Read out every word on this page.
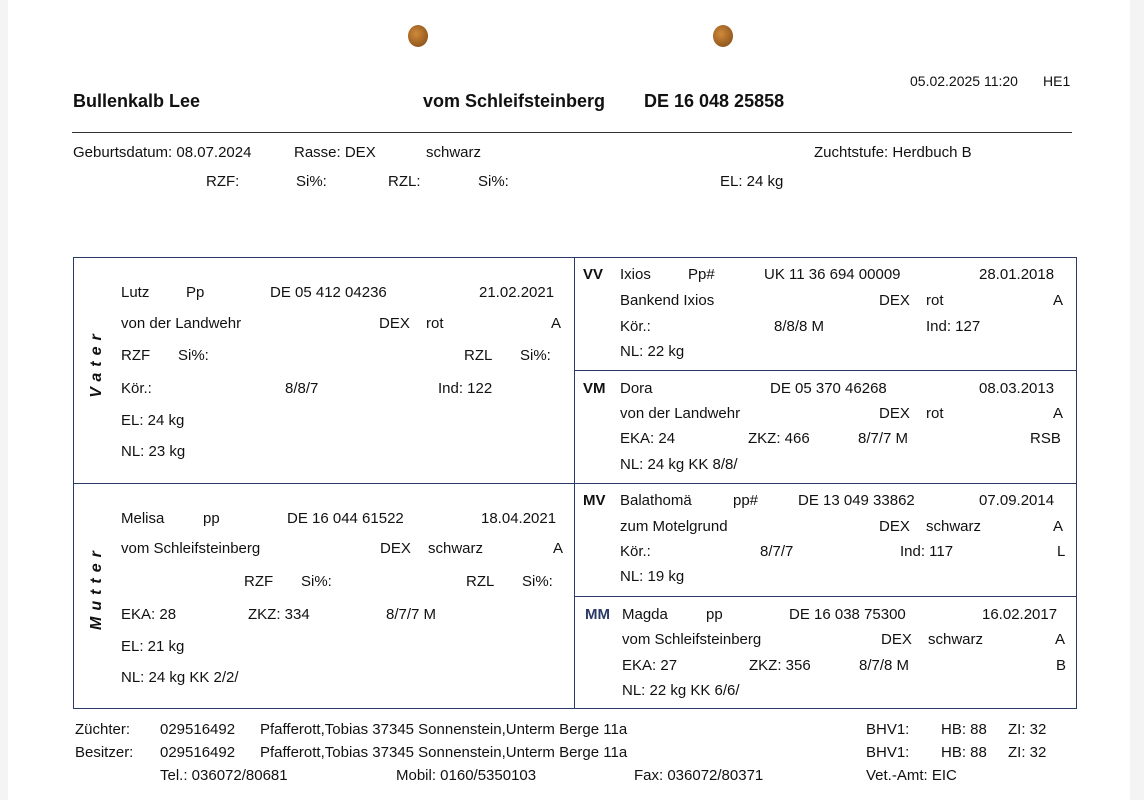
05.02.2025 11:20 HE1
Bullenkalb Lee	vom Schleifsteinberg DE 16 048 25858
Geburtsdatum: 08.07.2024	Rasse: DEX	schwarz	Zuchtstufe: Herdbuch B
RZF:	Si%:	RZL:	Si%:	EL: 24 kg
Vater
Lutz Pp	DE 05 412 04236	21.02.2021
von der Landwehr	DEX rot	A
RZF Si%:	RZL Si%:
Kör.:	8/8/7	Ind: 122
EL: 24 kg
NL: 23 kg
VV Ixios Pp#	UK 11 36 694 00009	28.01.2018
Bankend Ixios	DEX rot	A
Kör.:	8/8/8 M	Ind: 127
NL: 22 kg
VM Dora	DE 05 370 46268	08.03.2013
von der Landwehr	DEX rot	A
EKA: 24	ZKZ: 466	8/7/7 M	RSB
NL: 24 kg KK 8/8/
Mutter
Melisa	pp	DE 16 044 61522	18.04.2021
vom Schleifsteinberg	DEX schwarz	A
RZF Si%:	RZL Si%:
EKA: 28	ZKZ: 334	8/7/7 M
EL: 21 kg
NL: 24 kg KK 2/2/
MV Balathomä	pp#	DE 13 049 33862	07.09.2014
zum Motelgrund	DEX schwarz	A
Kör.:	8/7/7	Ind: 117	L
NL: 19 kg
MM Magda	pp	DE 16 038 75300	16.02.2017
vom Schleifsteinberg	DEX schwarz	A
EKA: 27	ZKZ: 356	8/7/8 M	B
NL: 22 kg KK 6/6/
Züchter: 029516492 Pfafferott,Tobias 37345 Sonnenstein,Unterm Berge 11a	BHV1: HB: 88 ZI: 32
Besitzer: 029516492 Pfafferott,Tobias 37345 Sonnenstein,Unterm Berge 11a	BHV1: HB: 88 ZI: 32
Tel.: 036072/80681	Mobil: 0160/5350103	Fax: 036072/80371	Vet.-Amt: EIC
